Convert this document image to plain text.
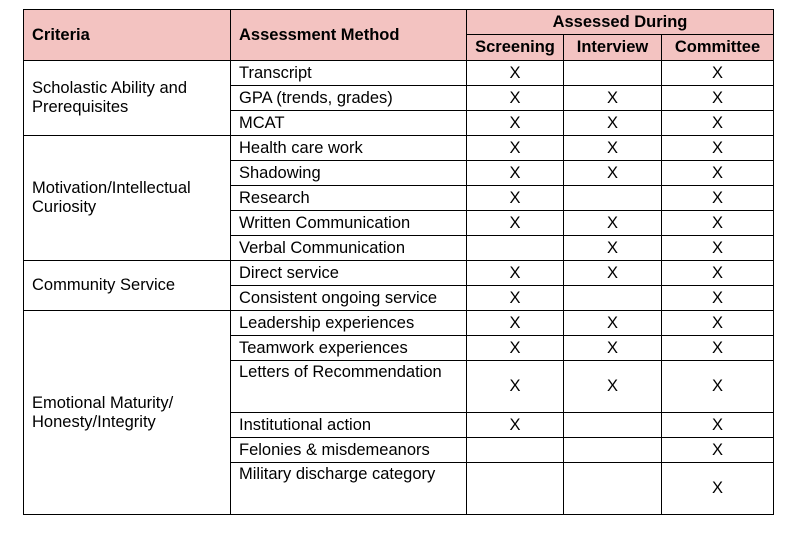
Criteria	Assessment Method	Assessed During		
		Screening	Interview	Committee
Scholastic Ability and Prerequisites	Transcript	X		X
	GPA (trends, grades)	X	X	X
	MCAT	X	X	X
Motivation/Intellectual Curiosity	Health care work	X	X	X
	Shadowing	X	X	X
	Research	X		X
	Written Communication	X	X	X
	Verbal Communication		X	X
Community Service	Direct service	X	X	X
	Consistent ongoing service	X		X
Emotional Maturity/ Honesty/Integrity	Leadership experiences	X	X	X
	Teamwork experiences	X	X	X
	Letters of Recommendation	X	X	X
	Institutional action	X		X
	Felonies & misdemeanors			X
	Military discharge category			X
